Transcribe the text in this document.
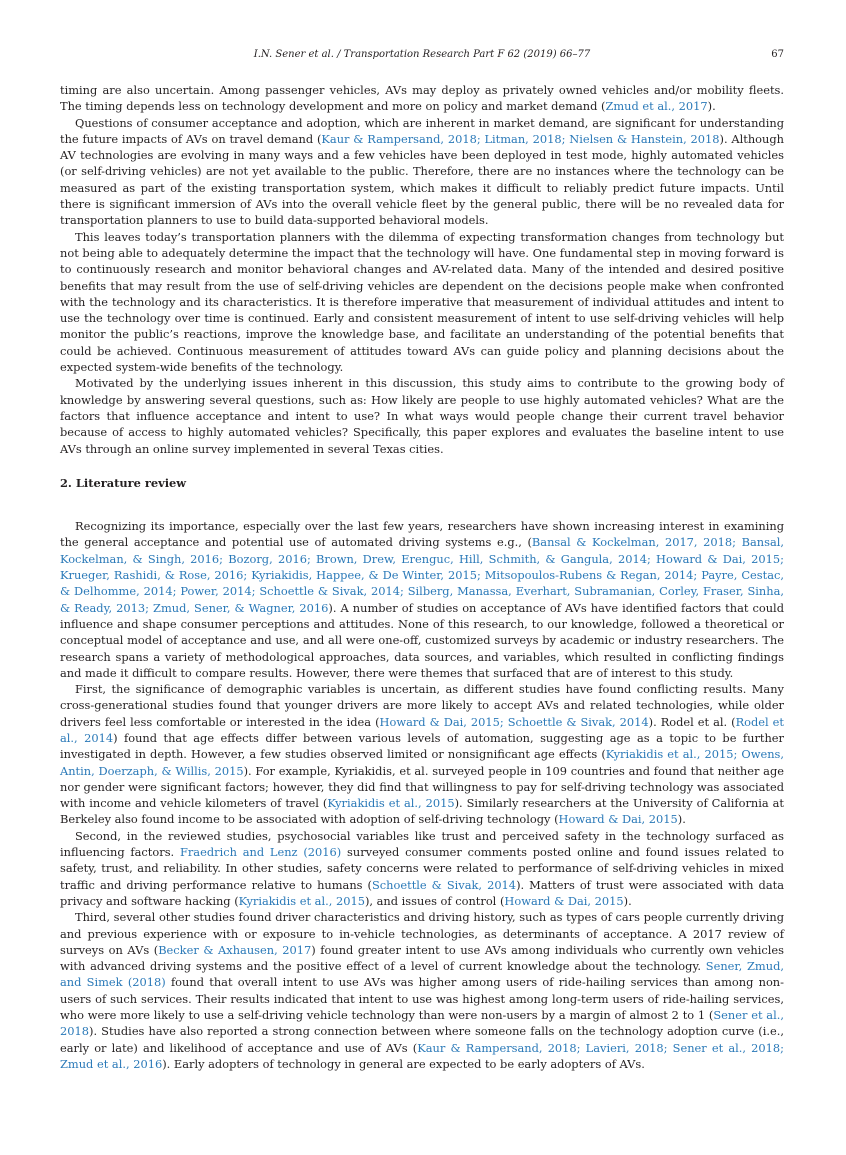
I.N. Sener et al. / Transportation Research Part F 62 (2019) 66–77	67

timing are also uncertain. Among passenger vehicles, AVs may deploy as privately owned vehicles and/or mobility fleets. The timing depends less on technology development and more on policy and market demand (Zmud et al., 2017).

Questions of consumer acceptance and adoption, which are inherent in market demand, are significant for understanding the future impacts of AVs on travel demand (Kaur & Rampersand, 2018; Litman, 2018; Nielsen & Hanstein, 2018). Although AV technologies are evolving in many ways and a few vehicles have been deployed in test mode, highly automated vehicles (or self-driving vehicles) are not yet available to the public. Therefore, there are no instances where the technology can be measured as part of the existing transportation system, which makes it difficult to reliably predict future impacts. Until there is significant immersion of AVs into the overall vehicle fleet by the general public, there will be no revealed data for transportation planners to use to build data-supported behavioral models.

This leaves today’s transportation planners with the dilemma of expecting transformation changes from technology but not being able to adequately determine the impact that the technology will have. One fundamental step in moving forward is to continuously research and monitor behavioral changes and AV-related data. Many of the intended and desired positive benefits that may result from the use of self-driving vehicles are dependent on the decisions people make when confronted with the technology and its characteristics. It is therefore imperative that measurement of individual attitudes and intent to use the technology over time is continued. Early and consistent measurement of intent to use self-driving vehicles will help monitor the public’s reactions, improve the knowledge base, and facilitate an understanding of the potential benefits that could be achieved. Continuous measurement of attitudes toward AVs can guide policy and planning decisions about the expected system-wide benefits of the technology.

Motivated by the underlying issues inherent in this discussion, this study aims to contribute to the growing body of knowledge by answering several questions, such as: How likely are people to use highly automated vehicles? What are the factors that influence acceptance and intent to use? In what ways would people change their current travel behavior because of access to highly automated vehicles? Specifically, this paper explores and evaluates the baseline intent to use AVs through an online survey implemented in several Texas cities.

2. Literature review

Recognizing its importance, especially over the last few years, researchers have shown increasing interest in examining the general acceptance and potential use of automated driving systems e.g., (Bansal & Kockelman, 2017, 2018; Bansal, Kockelman, & Singh, 2016; Bozorg, 2016; Brown, Drew, Erenguc, Hill, Schmith, & Gangula, 2014; Howard & Dai, 2015; Krueger, Rashidi, & Rose, 2016; Kyriakidis, Happee, & De Winter, 2015; Mitsopoulos-Rubens & Regan, 2014; Payre, Cestac, & Delhomme, 2014; Power, 2014; Schoettle & Sivak, 2014; Silberg, Manassa, Everhart, Subramanian, Corley, Fraser, Sinha, & Ready, 2013; Zmud, Sener, & Wagner, 2016). A number of studies on acceptance of AVs have identified factors that could influence and shape consumer perceptions and attitudes. None of this research, to our knowledge, followed a theoretical or conceptual model of acceptance and use, and all were one-off, customized surveys by academic or industry researchers. The research spans a variety of methodological approaches, data sources, and variables, which resulted in conflicting findings and made it difficult to compare results. However, there were themes that surfaced that are of interest to this study.

First, the significance of demographic variables is uncertain, as different studies have found conflicting results. Many cross-generational studies found that younger drivers are more likely to accept AVs and related technologies, while older drivers feel less comfortable or interested in the idea (Howard & Dai, 2015; Schoettle & Sivak, 2014). Rodel et al. (Rodel et al., 2014) found that age effects differ between various levels of automation, suggesting age as a topic to be further investigated in depth. However, a few studies observed limited or nonsignificant age effects (Kyriakidis et al., 2015; Owens, Antin, Doerzaph, & Willis, 2015). For example, Kyriakidis, et al. surveyed people in 109 countries and found that neither age nor gender were significant factors; however, they did find that willingness to pay for self-driving technology was associated with income and vehicle kilometers of travel (Kyriakidis et al., 2015). Similarly researchers at the University of California at Berkeley also found income to be associated with adoption of self-driving technology (Howard & Dai, 2015).

Second, in the reviewed studies, psychosocial variables like trust and perceived safety in the technology surfaced as influencing factors. Fraedrich and Lenz (2016) surveyed consumer comments posted online and found issues related to safety, trust, and reliability. In other studies, safety concerns were related to performance of self-driving vehicles in mixed traffic and driving performance relative to humans (Schoettle & Sivak, 2014). Matters of trust were associated with data privacy and software hacking (Kyriakidis et al., 2015), and issues of control (Howard & Dai, 2015).

Third, several other studies found driver characteristics and driving history, such as types of cars people currently driving and previous experience with or exposure to in-vehicle technologies, as determinants of acceptance. A 2017 review of surveys on AVs (Becker & Axhausen, 2017) found greater intent to use AVs among individuals who currently own vehicles with advanced driving systems and the positive effect of a level of current knowledge about the technology. Sener, Zmud, and Simek (2018) found that overall intent to use AVs was higher among users of ride-hailing services than among non-users of such services. Their results indicated that intent to use was highest among long-term users of ride-hailing services, who were more likely to use a self-driving vehicle technology than were non-users by a margin of almost 2 to 1 (Sener et al., 2018). Studies have also reported a strong connection between where someone falls on the technology adoption curve (i.e., early or late) and likelihood of acceptance and use of AVs (Kaur & Rampersand, 2018; Lavieri, 2018; Sener et al., 2018; Zmud et al., 2016). Early adopters of technology in general are expected to be early adopters of AVs.
